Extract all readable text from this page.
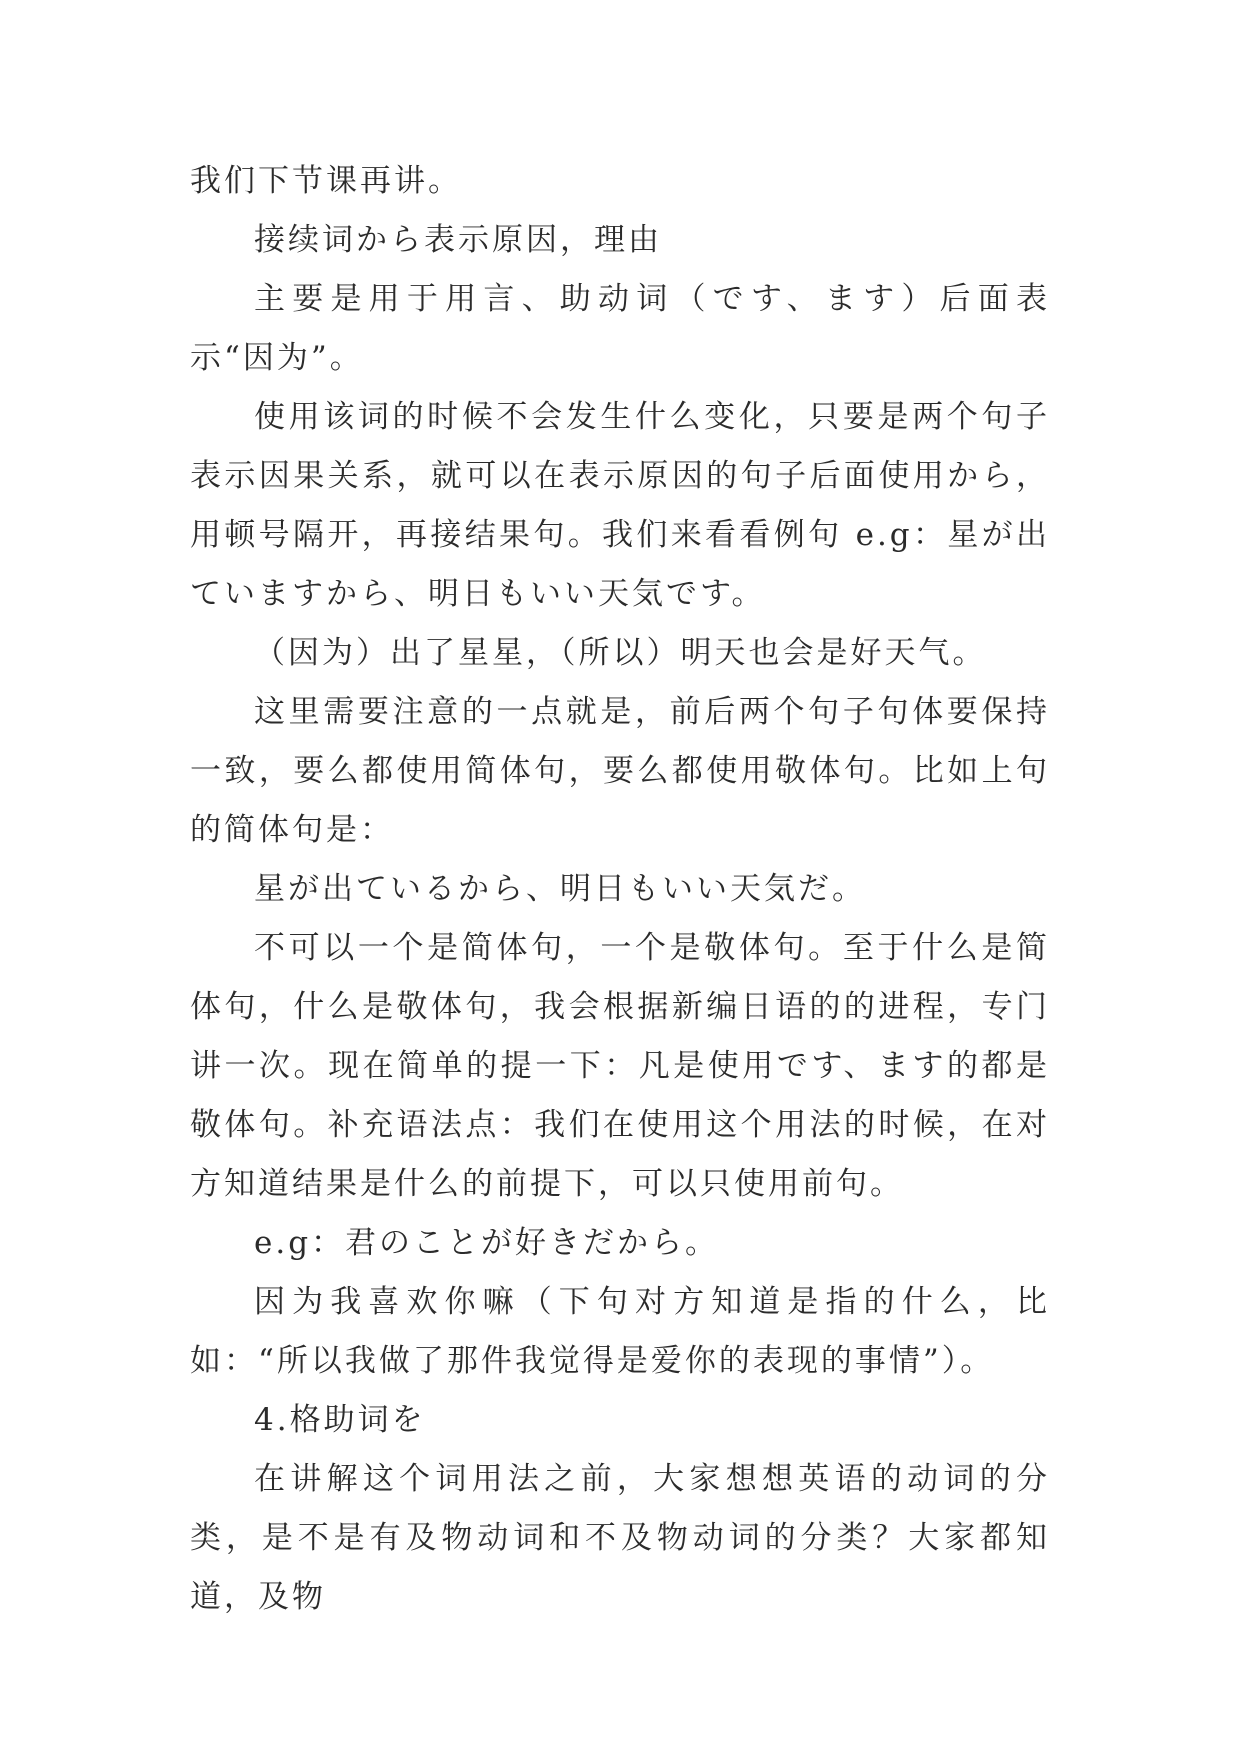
我们下节课再讲。

接续词から表示原因，理由

主要是用于用言、助动词（です、ます）后面表示“因为”。

使用该词的时候不会发生什么变化，只要是两个句子表示因果关系，就可以在表示原因的句子后面使用から，用顿号隔开，再接结果句。我们来看看例句 e.g：星が出ていますから、明日もいい天気です。

（因为）出了星星，（所以）明天也会是好天气。

这里需要注意的一点就是，前后两个句子句体要保持一致，要么都使用简体句，要么都使用敬体句。比如上句的简体句是：

星が出ているから、明日もいい天気だ。

不可以一个是简体句，一个是敬体句。至于什么是简体句，什么是敬体句，我会根据新编日语的的进程，专门讲一次。现在简单的提一下：凡是使用です、ます的都是敬体句。补充语法点：我们在使用这个用法的时候，在对方知道结果是什么的前提下，可以只使用前句。

e.g：君のことが好きだから。

因为我喜欢你嘛（下句对方知道是指的什么，比如：“所以我做了那件我觉得是爱你的表现的事情”）。

4.格助词を

在讲解这个词用法之前，大家想想英语的动词的分类，是不是有及物动词和不及物动词的分类？大家都知道，及物
